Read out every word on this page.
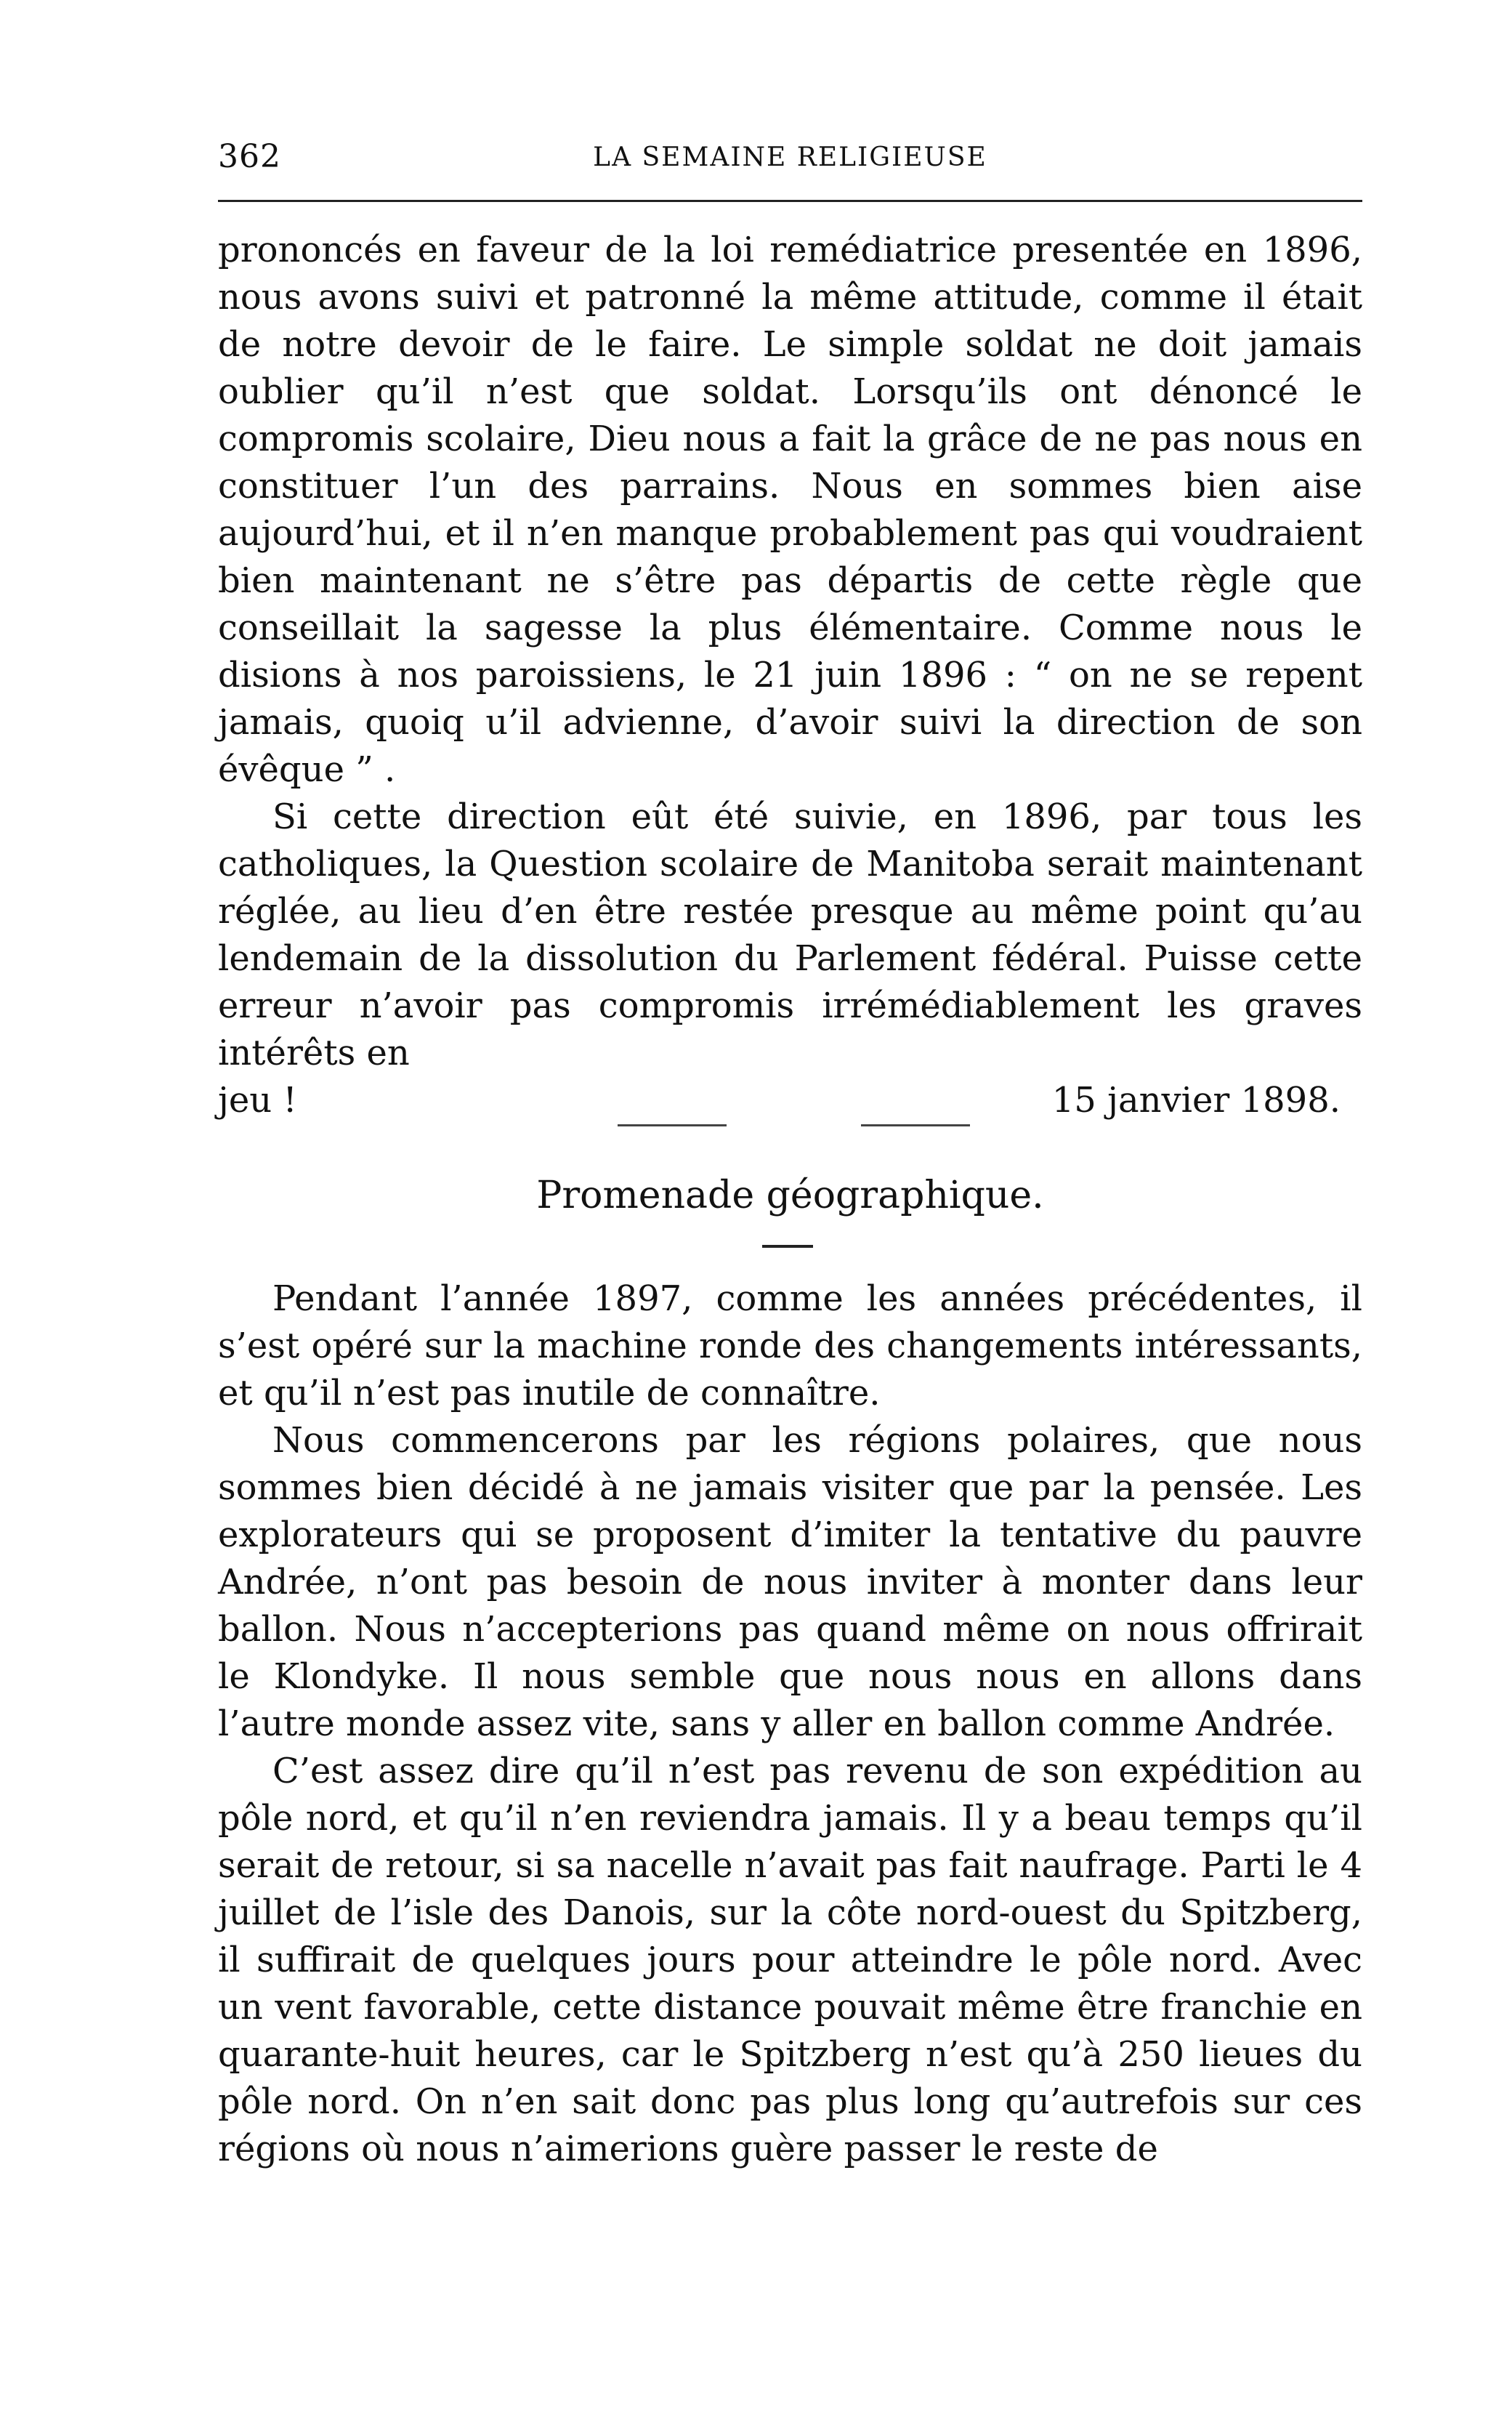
362	LA SEMAINE RELIGIEUSE

prononcés en faveur de la loi remédiatrice presentée en 1896, nous avons suivi et patronné la même attitude, comme il était de notre devoir de le faire. Le simple soldat ne doit jamais oublier qu’il n’est que soldat. Lorsqu’ils ont dénoncé le compromis scolaire, Dieu nous a fait la grâce de ne pas nous en constituer l’un des parrains. Nous en sommes bien aise aujourd’hui, et il n’en manque probablement pas qui voudraient bien maintenant ne s’être pas départis de cette règle que conseillait la sagesse la plus élémentaire. Comme nous le disions à nos paroissiens, le 21 juin 1896 : “ on ne se repent jamais, quoiq u’il advienne, d’avoir suivi la direction de son évêque ” .

Si cette direction eût été suivie, en 1896, par tous les catholiques, la Question scolaire de Manitoba serait maintenant réglée, au lieu d’en être restée presque au même point qu’au lendemain de la dissolution du Parlement fédéral. Puisse cette erreur n’avoir pas compromis irrémédiablement les graves intérêts en

jeu !	15 janvier 1898.
Promenade géographique.

Pendant l’année 1897, comme les années précédentes, il s’est opéré sur la machine ronde des changements intéressants, et qu’il n’est pas inutile de connaître.

Nous commencerons par les régions polaires, que nous sommes bien décidé à ne jamais visiter que par la pensée. Les explorateurs qui se proposent d’imiter la tentative du pauvre Andrée, n’ont pas besoin de nous inviter à monter dans leur ballon. Nous n’accepterions pas quand même on nous offrirait le Klondyke. Il nous semble que nous nous en allons dans l’autre monde assez vite, sans y aller en ballon comme Andrée.

C’est assez dire qu’il n’est pas revenu de son expédition au pôle nord, et qu’il n’en reviendra jamais. Il y a beau temps qu’il serait de retour, si sa nacelle n’avait pas fait naufrage. Parti le 4 juillet de l’isle des Danois, sur la côte nord-ouest du Spitzberg, il suffirait de quelques jours pour atteindre le pôle nord. Avec un vent favorable, cette distance pouvait même être franchie en quarante-huit heures, car le Spitzberg n’est qu’à 250 lieues du pôle nord. On n’en sait donc pas plus long qu’autrefois sur ces régions où nous n’aimerions guère passer le reste de
